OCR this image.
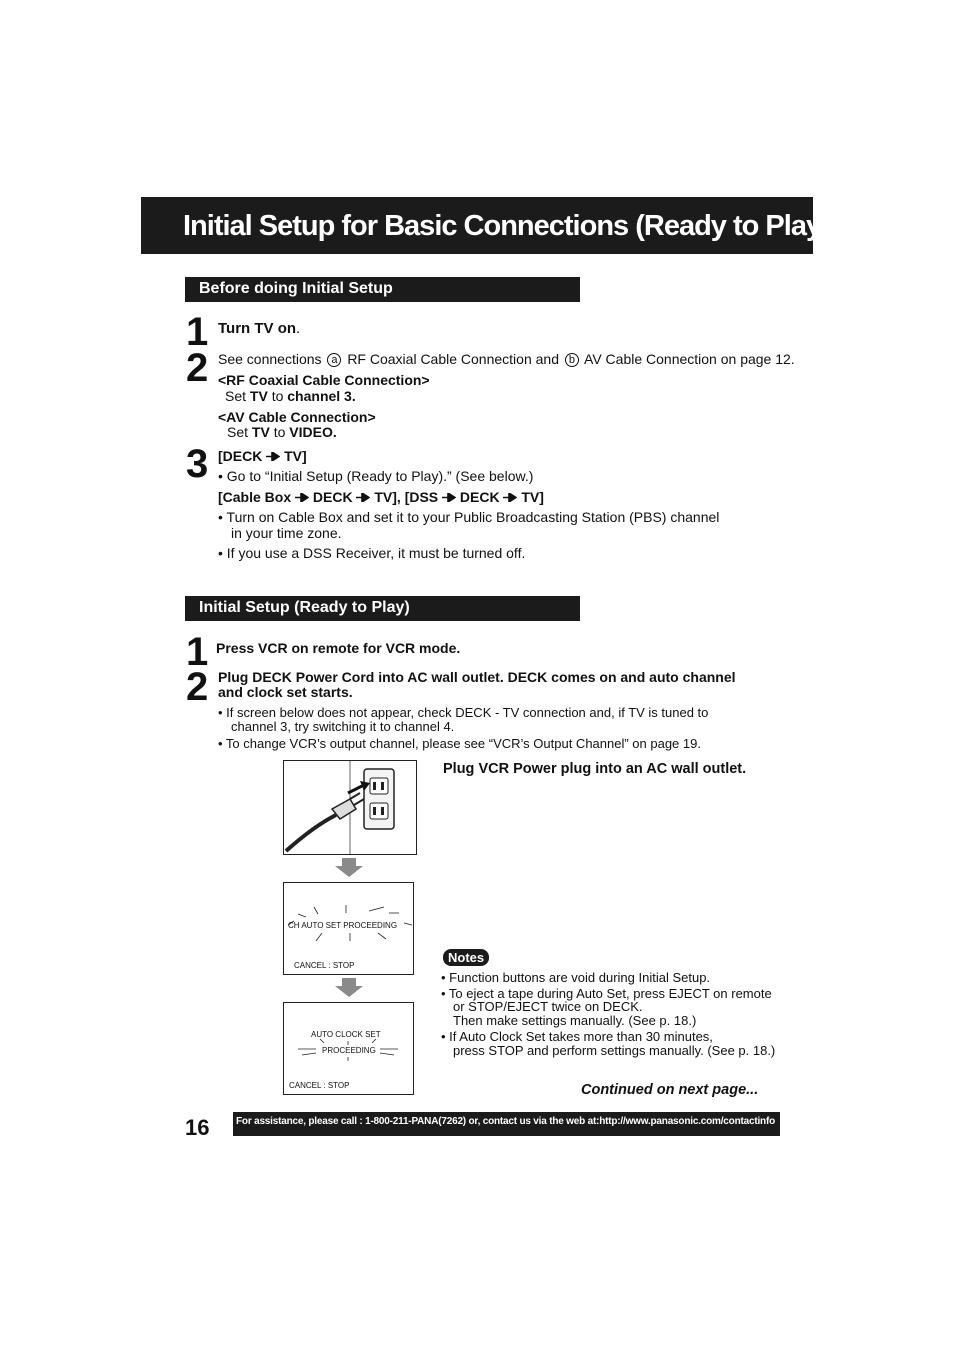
Initial Setup for Basic Connections (Ready to Play)
Before doing Initial Setup
1 Turn TV on.
2 See connections a RF Coaxial Cable Connection and b AV Cable Connection on page 12.
<RF Coaxial Cable Connection>
Set TV to channel 3.
<AV Cable Connection>
Set TV to VIDEO.
3 [DECK TV]
• Go to “Initial Setup (Ready to Play).” (See below.)
[Cable Box DECK TV], [DSS DECK TV]
• Turn on Cable Box and set it to your Public Broadcasting Station (PBS) channel
in your time zone.
• If you use a DSS Receiver, it must be turned off.
Initial Setup (Ready to Play)
1 Press VCR on remote for VCR mode.
2 Plug DECK Power Cord into AC wall outlet. DECK comes on and auto channel
and clock set starts.
• If screen below does not appear, check DECK - TV connection and, if TV is tuned to
channel 3, try switching it to channel 4.
• To change VCR’s output channel, please see “VCR’s Output Channel” on page 19.
CH AUTO SET PROCEEDING
CANCEL : STOP
AUTO CLOCK SET
PROCEEDING
CANCEL : STOP
Plug VCR Power plug into an AC wall outlet.
Notes
• Function buttons are void during Initial Setup.
• To eject a tape during Auto Set, press EJECT on remote
or STOP/EJECT twice on DECK.
Then make settings manually. (See p. 18.)
• If Auto Clock Set takes more than 30 minutes,
press STOP and perform settings manually. (See p. 18.)
Continued on next page...
16	For assistance, please call : 1-800-211-PANA(7262) or, contact us via the web at:http://www.panasonic.com/contactinfo
